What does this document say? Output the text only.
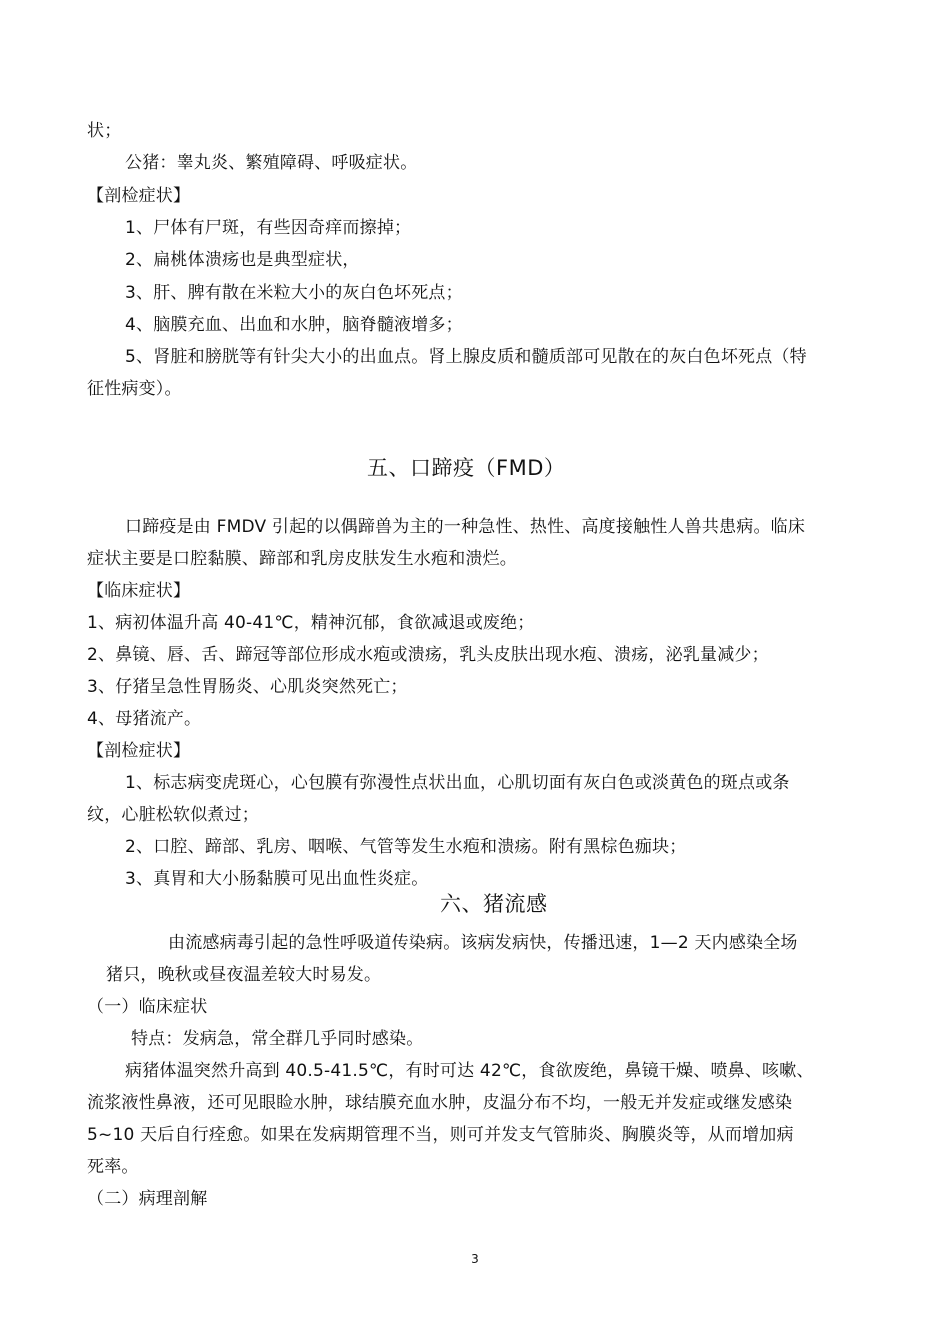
状；
公猪：睾丸炎、繁殖障碍、呼吸症状。
【剖检症状】
1、尸体有尸斑，有些因奇痒而擦掉；
2、扁桃体溃疡也是典型症状，
3、肝、脾有散在米粒大小的灰白色坏死点；
4、脑膜充血、出血和水肿，脑脊髓液增多；
5、肾脏和膀胱等有针尖大小的出血点。肾上腺皮质和髓质部可见散在的灰白色坏死点（特
征性病变）。
五、口蹄疫（FMD）
口蹄疫是由 FMDV 引起的以偶蹄兽为主的一种急性、热性、高度接触性人兽共患病。临床
症状主要是口腔黏膜、蹄部和乳房皮肤发生水疱和溃烂。
【临床症状】
1、病初体温升高 40-41℃，精神沉郁，食欲减退或废绝；
2、鼻镜、唇、舌、蹄冠等部位形成水疱或溃疡，乳头皮肤出现水疱、溃疡，泌乳量减少；
3、仔猪呈急性胃肠炎、心肌炎突然死亡；
4、母猪流产。
【剖检症状】
1、标志病变虎斑心，心包膜有弥漫性点状出血，心肌切面有灰白色或淡黄色的斑点或条
纹，心脏松软似煮过；
2、口腔、蹄部、乳房、咽喉、气管等发生水疱和溃疡。附有黑棕色痂块；
3、真胃和大小肠黏膜可见出血性炎症。
六、猪流感
由流感病毒引起的急性呼吸道传染病。该病发病快，传播迅速，1—2 天内感染全场
猪只，晚秋或昼夜温差较大时易发。
（一）临床症状
特点：发病急，常全群几乎同时感染。
病猪体温突然升高到 40.5-41.5℃，有时可达 42℃，食欲废绝，鼻镜干燥、喷鼻、咳嗽、
流浆液性鼻液，还可见眼睑水肿，球结膜充血水肿，皮温分布不均，一般无并发症或继发感染
5~10 天后自行痊愈。如果在发病期管理不当，则可并发支气管肺炎、胸膜炎等，从而增加病
死率。
（二）病理剖解
3
